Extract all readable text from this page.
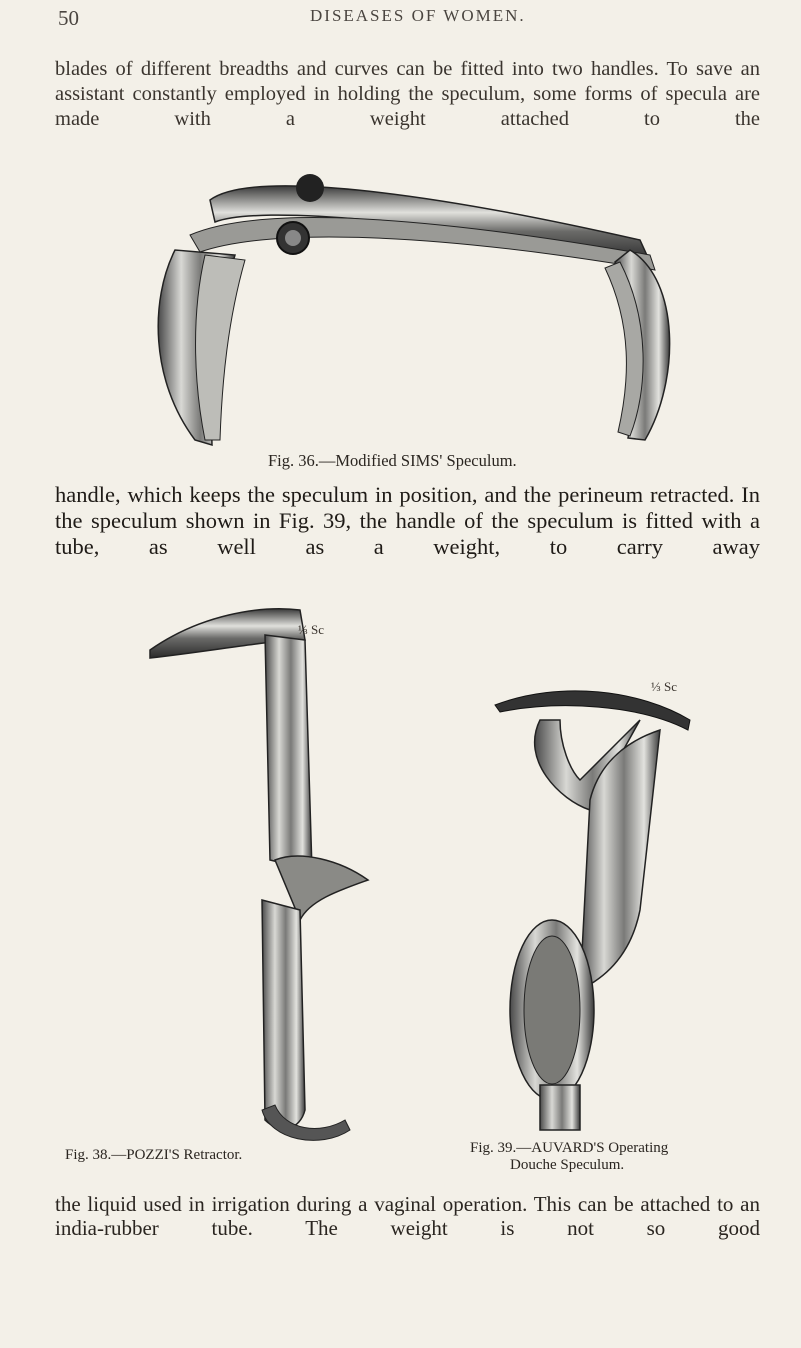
50	DISEASES OF WOMEN.

blades of different breadths and curves can be fitted into two handles. To save an assistant constantly employed in holding the speculum, some forms of specula are made with a weight attached to the

Fig. 36.—Modified SIMS' Speculum.

handle, which keeps the speculum in position, and the perineum retracted. In the speculum shown in Fig. 39, the handle of the speculum is fitted with a tube, as well as a weight, to carry away

⅓ Sc
⅓ Sc
Fig. 38.—POZZI'S Retractor.	Fig. 39.—AUVARD'S Operating
Douche Speculum.

the liquid used in irrigation during a vaginal operation. This can be attached to an india-rubber tube. The weight is not so good
